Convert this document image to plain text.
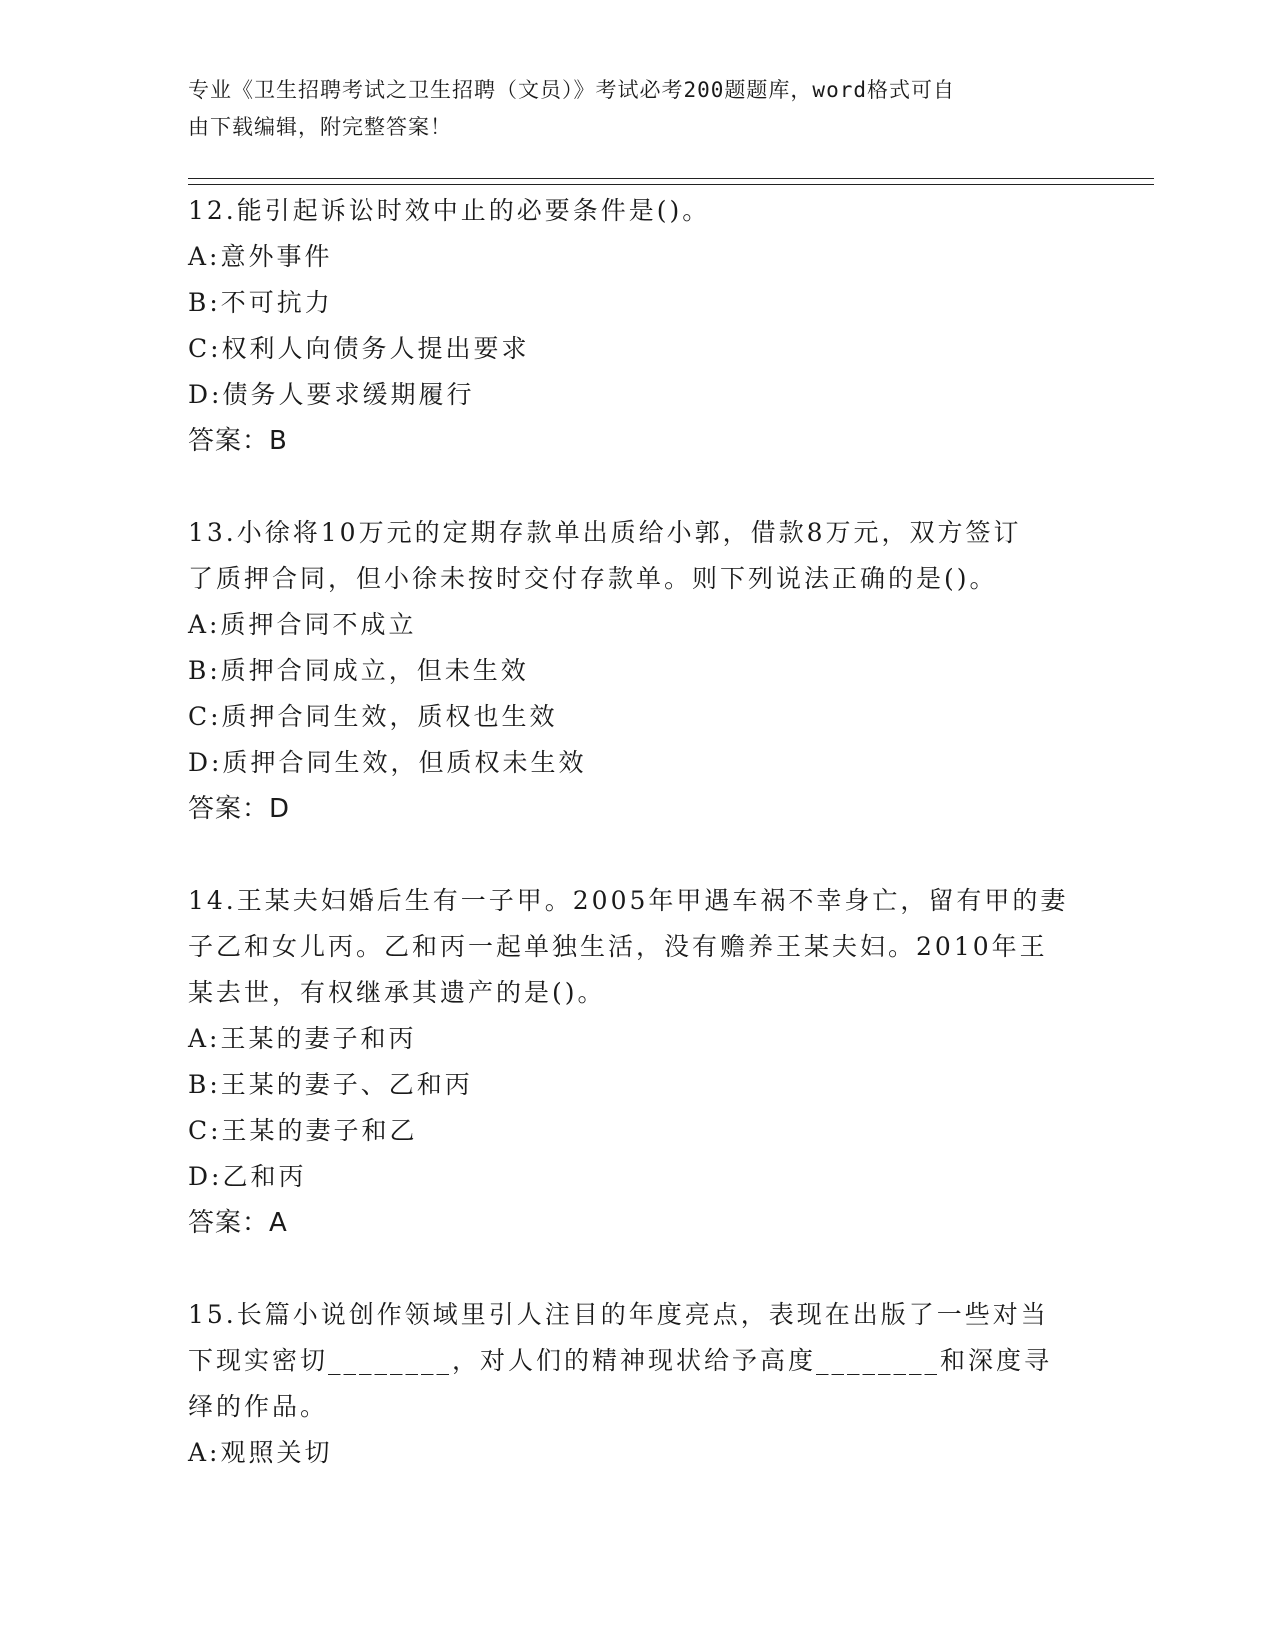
专业《卫生招聘考试之卫生招聘（文员）》考试必考200题题库，word格式可自
由下载编辑，附完整答案！
12.能引起诉讼时效中止的必要条件是()。
A:意外事件
B:不可抗力
C:权利人向债务人提出要求
D:债务人要求缓期履行
答案：B
13.小徐将10万元的定期存款单出质给小郭，借款8万元，双方签订
了质押合同，但小徐未按时交付存款单。则下列说法正确的是()。
A:质押合同不成立
B:质押合同成立，但未生效
C:质押合同生效，质权也生效
D:质押合同生效，但质权未生效
答案：D
14.王某夫妇婚后生有一子甲。2005年甲遇车祸不幸身亡，留有甲的妻
子乙和女儿丙。乙和丙一起单独生活，没有赡养王某夫妇。2010年王
某去世，有权继承其遗产的是()。
A:王某的妻子和丙
B:王某的妻子、乙和丙
C:王某的妻子和乙
D:乙和丙
答案：A
15.长篇小说创作领域里引人注目的年度亮点，表现在出版了一些对当
下现实密切________，对人们的精神现状给予高度________和深度寻
绎的作品。
A:观照关切
